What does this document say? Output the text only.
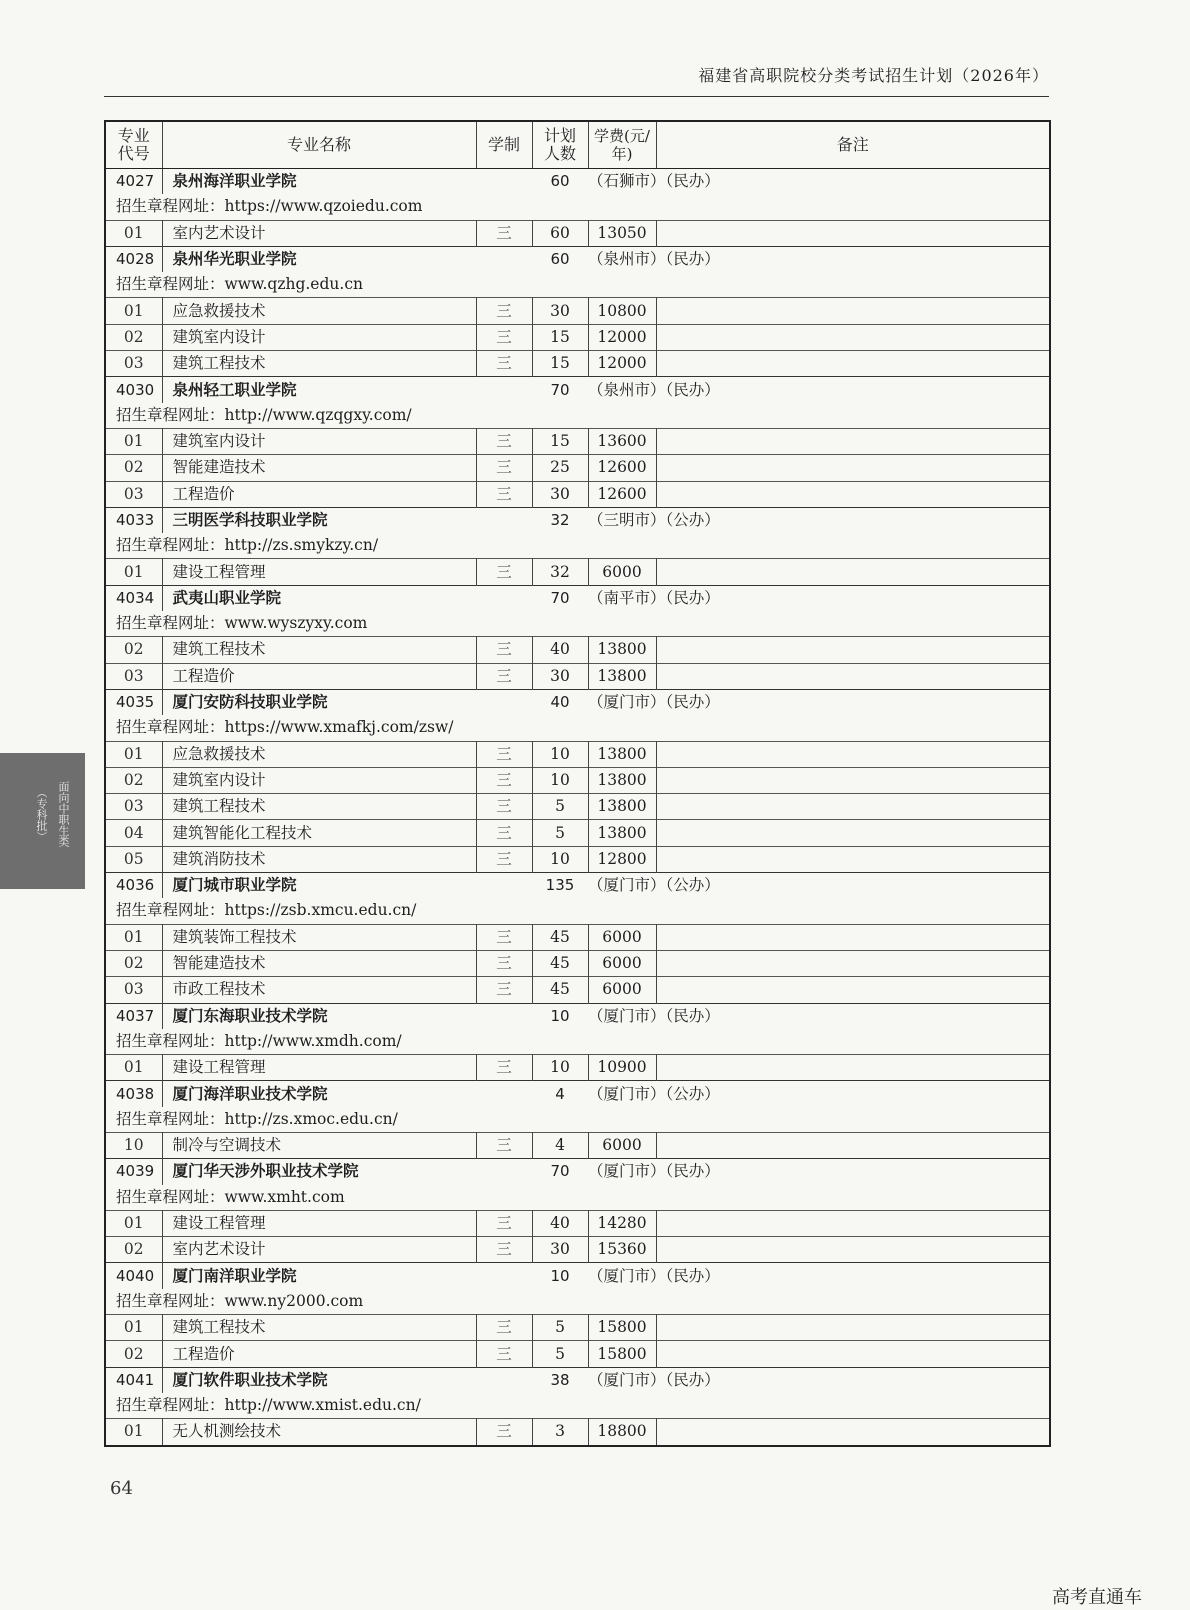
福建省高职院校分类考试招生计划（2026年）
专业代号	专业名称	学制	计划人数	学费(元/年)	备注
4027	泉州海洋职业学院		60	（石狮市）（民办）	
招生章程网址：https://www.qzoiedu.com					
01	室内艺术设计	三	60	13050	
4028	泉州华光职业学院		60	（泉州市）（民办）	
招生章程网址：www.qzhg.edu.cn					
01	应急救援技术	三	30	10800	
02	建筑室内设计	三	15	12000	
03	建筑工程技术	三	15	12000	
4030	泉州轻工职业学院		70	（泉州市）（民办）	
招生章程网址：http://www.qzqgxy.com/					
01	建筑室内设计	三	15	13600	
02	智能建造技术	三	25	12600	
03	工程造价	三	30	12600	
4033	三明医学科技职业学院		32	（三明市）（公办）	
招生章程网址：http://zs.smykzy.cn/					
01	建设工程管理	三	32	6000	
4034	武夷山职业学院		70	（南平市）（民办）	
招生章程网址：www.wyszyxy.com					
02	建筑工程技术	三	40	13800	
03	工程造价	三	30	13800	
4035	厦门安防科技职业学院		40	（厦门市）（民办）	
招生章程网址：https://www.xmafkj.com/zsw/					
01	应急救援技术	三	10	13800	
02	建筑室内设计	三	10	13800	
03	建筑工程技术	三	5	13800	
04	建筑智能化工程技术	三	5	13800	
05	建筑消防技术	三	10	12800	
4036	厦门城市职业学院		135	（厦门市）（公办）	
招生章程网址：https://zsb.xmcu.edu.cn/					
01	建筑装饰工程技术	三	45	6000	
02	智能建造技术	三	45	6000	
03	市政工程技术	三	45	6000	
4037	厦门东海职业技术学院		10	（厦门市）（民办）	
招生章程网址：http://www.xmdh.com/					
01	建设工程管理	三	10	10900	
4038	厦门海洋职业技术学院		4	（厦门市）（公办）	
招生章程网址：http://zs.xmoc.edu.cn/					
10	制冷与空调技术	三	4	6000	
4039	厦门华天涉外职业技术学院		70	（厦门市）（民办）	
招生章程网址：www.xmht.com					
01	建设工程管理	三	40	14280	
02	室内艺术设计	三	30	15360	
4040	厦门南洋职业学院		10	（厦门市）（民办）	
招生章程网址：www.ny2000.com					
01	建筑工程技术	三	5	15800	
02	工程造价	三	5	15800	
4041	厦门软件职业技术学院		38	（厦门市）（民办）	
招生章程网址：http://www.xmist.edu.cn/					
01	无人机测绘技术	三	3	18800	
64
面向中职生类
（专科批）
高考直通车
